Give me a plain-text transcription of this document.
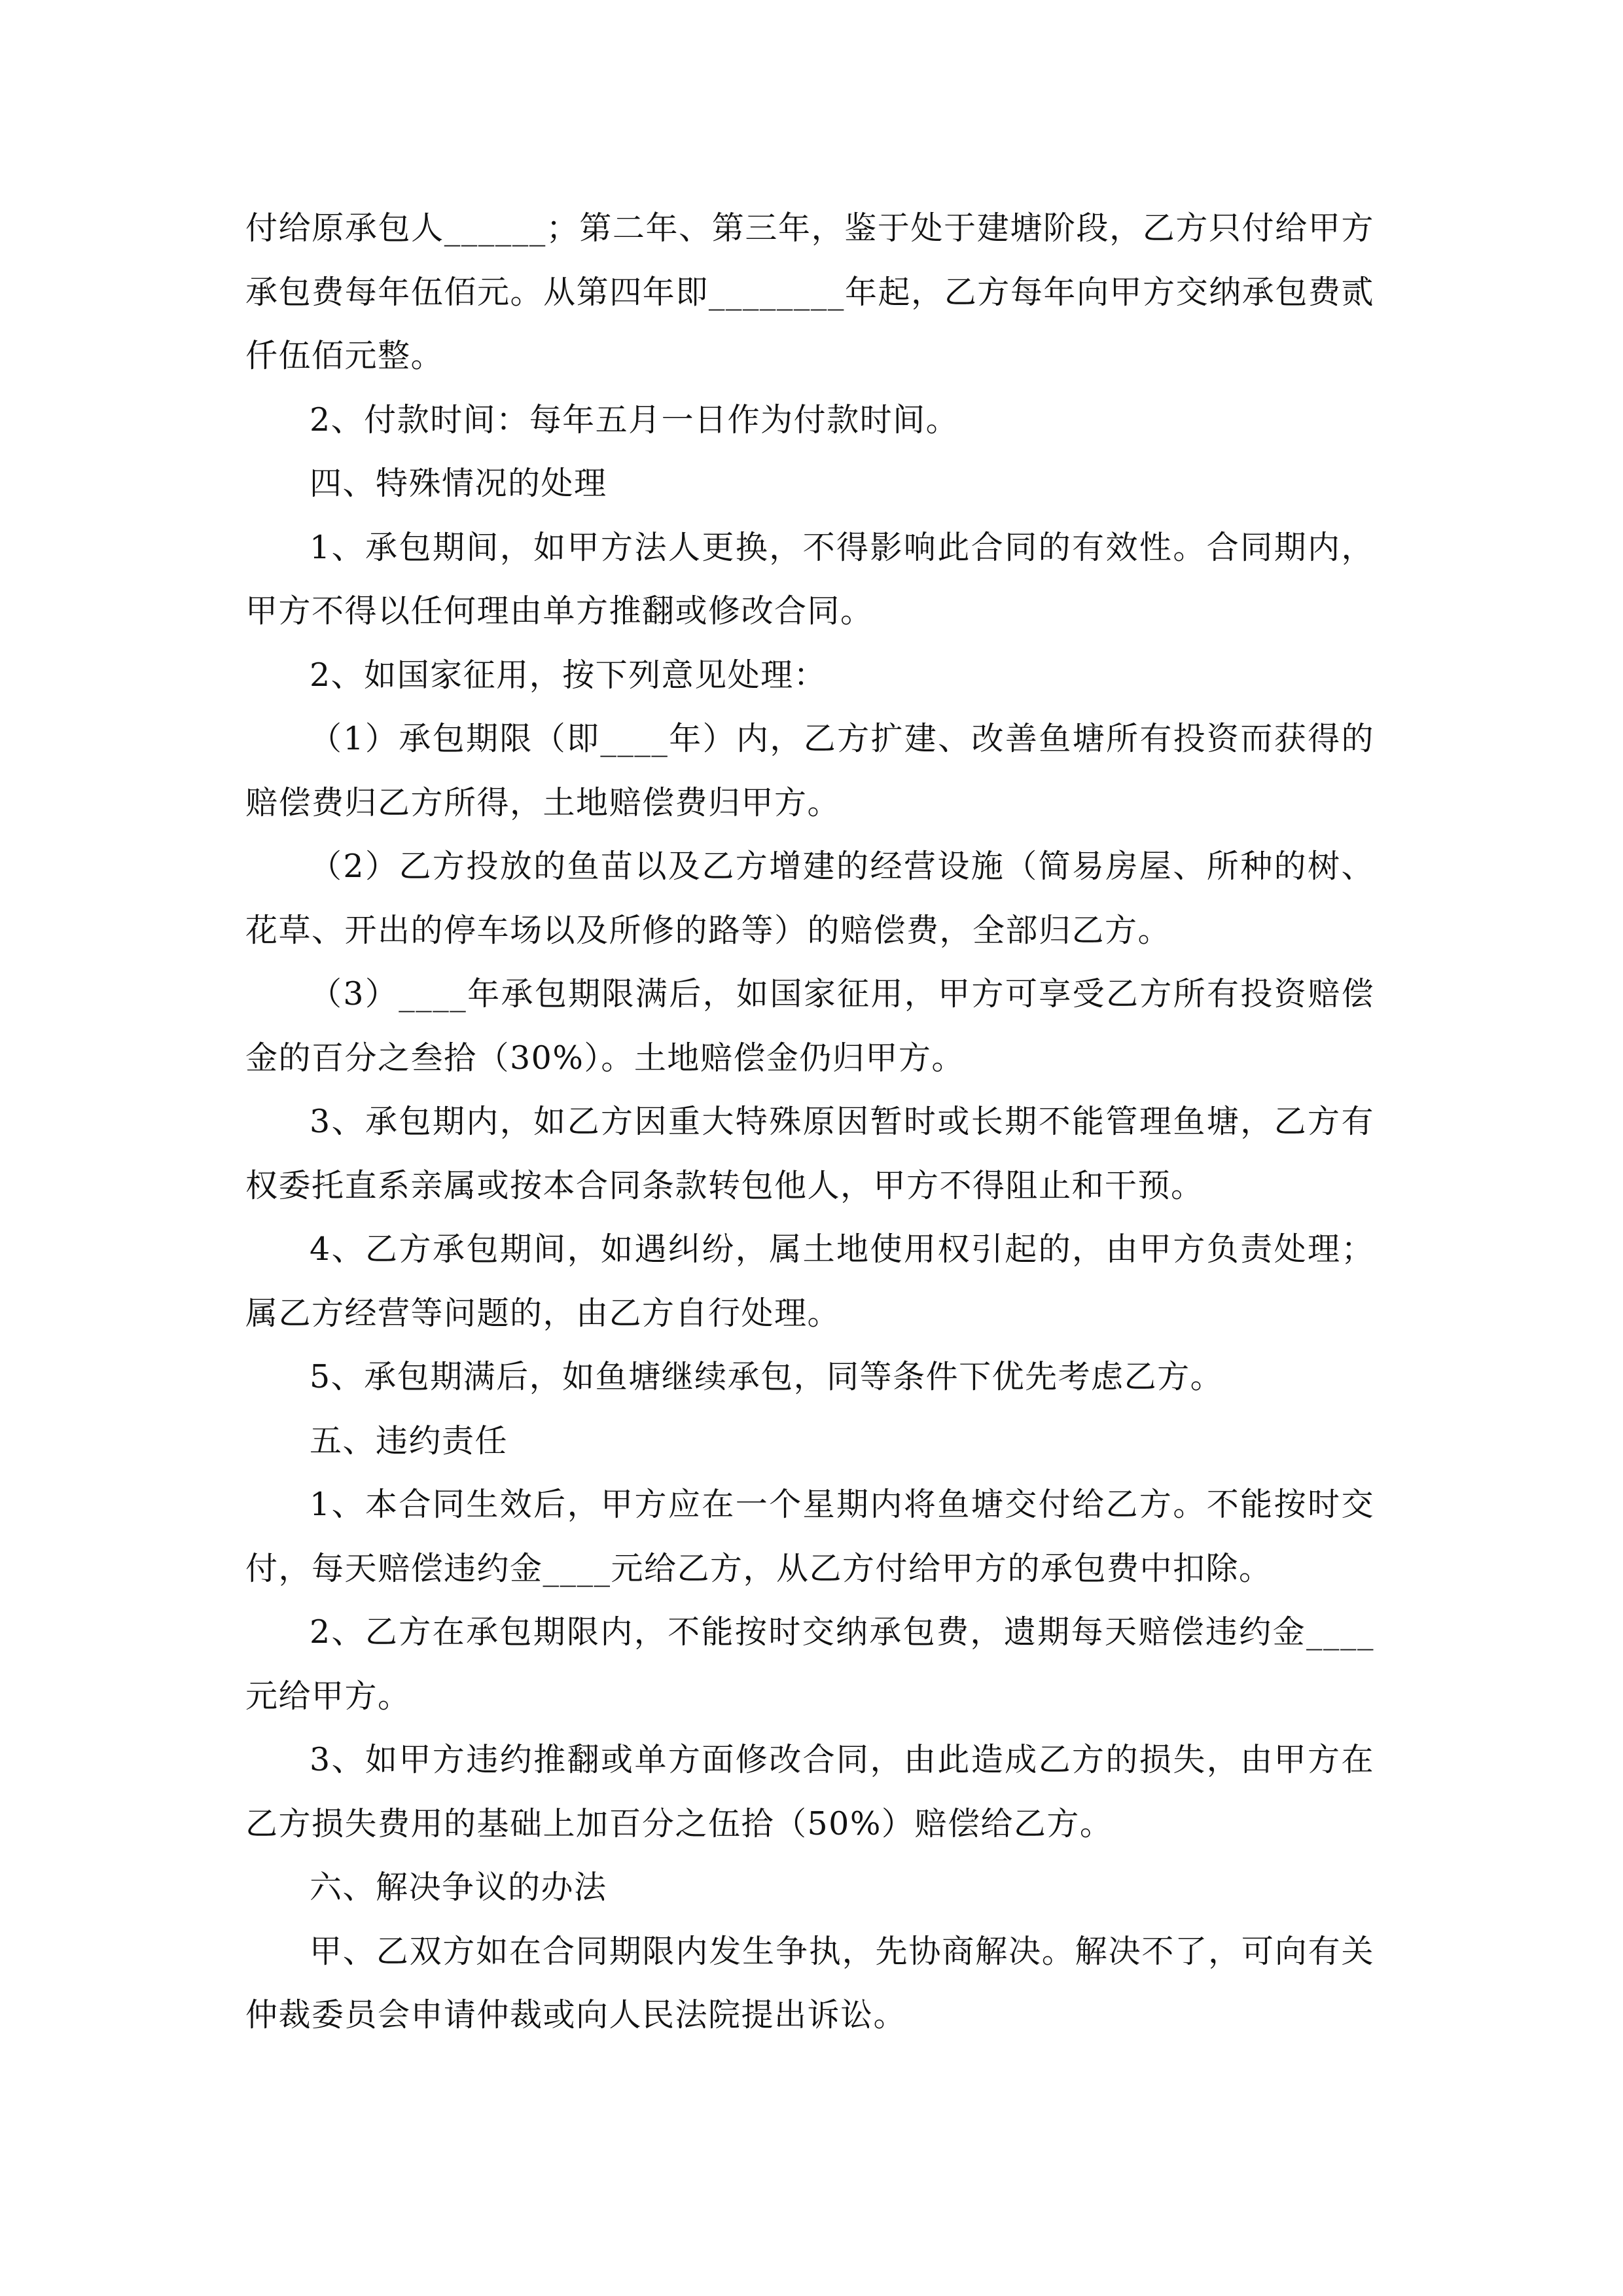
付给原承包人______；第二年、第三年，鉴于处于建塘阶段，乙方只付给甲方承包费每年伍佰元。从第四年即________年起，乙方每年向甲方交纳承包费贰仟伍佰元整。

2、付款时间：每年五月一日作为付款时间。

四、特殊情况的处理

1、承包期间，如甲方法人更换，不得影响此合同的有效性。合同期内，甲方不得以任何理由单方推翻或修改合同。

2、如国家征用，按下列意见处理：

（1）承包期限（即____年）内，乙方扩建、改善鱼塘所有投资而获得的赔偿费归乙方所得，土地赔偿费归甲方。

（2）乙方投放的鱼苗以及乙方增建的经营设施（简易房屋、所种的树、花草、开出的停车场以及所修的路等）的赔偿费，全部归乙方。

（3）____年承包期限满后，如国家征用，甲方可享受乙方所有投资赔偿金的百分之叁拾（30%）。土地赔偿金仍归甲方。

3、承包期内，如乙方因重大特殊原因暂时或长期不能管理鱼塘，乙方有权委托直系亲属或按本合同条款转包他人，甲方不得阻止和干预。

4、乙方承包期间，如遇纠纷，属土地使用权引起的，由甲方负责处理；属乙方经营等问题的，由乙方自行处理。

5、承包期满后，如鱼塘继续承包，同等条件下优先考虑乙方。

五、违约责任

1、本合同生效后，甲方应在一个星期内将鱼塘交付给乙方。不能按时交付，每天赔偿违约金____元给乙方，从乙方付给甲方的承包费中扣除。

2、乙方在承包期限内，不能按时交纳承包费，遗期每天赔偿违约金____元给甲方。

3、如甲方违约推翻或单方面修改合同，由此造成乙方的损失，由甲方在乙方损失费用的基础上加百分之伍拾（50%）赔偿给乙方。

六、解决争议的办法

甲、乙双方如在合同期限内发生争执，先协商解决。解决不了，可向有关仲裁委员会申请仲裁或向人民法院提出诉讼。
